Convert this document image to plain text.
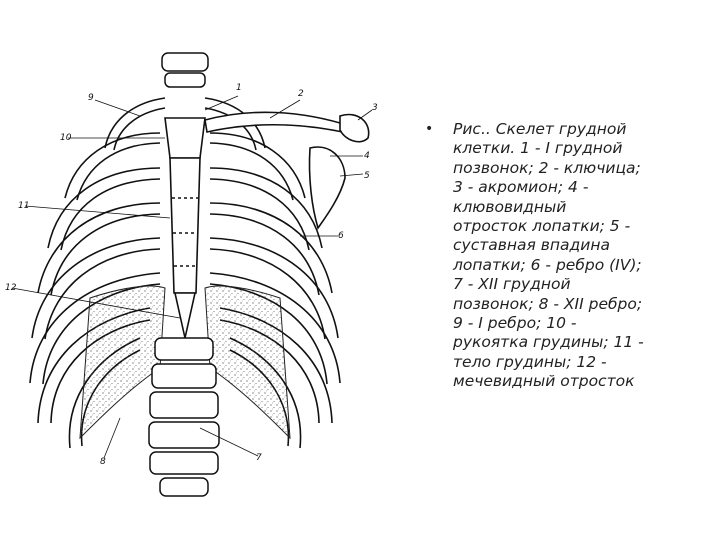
1
2
3
4
5
6
7
8
9
10
11
12
• Рис.. Скелет грудной
клетки. 1 - I грудной
позвонок; 2 - ключица;
3 - акромион; 4 -
клювовидный
отросток лопатки; 5 -
суставная впадина
лопатки; 6 - ребро (IV);
7 - XII грудной
позвонок; 8 - XII ребро;
9 - I ребро; 10 -
рукоятка грудины; 11 -
тело грудины; 12 -
мечевидный отросток
